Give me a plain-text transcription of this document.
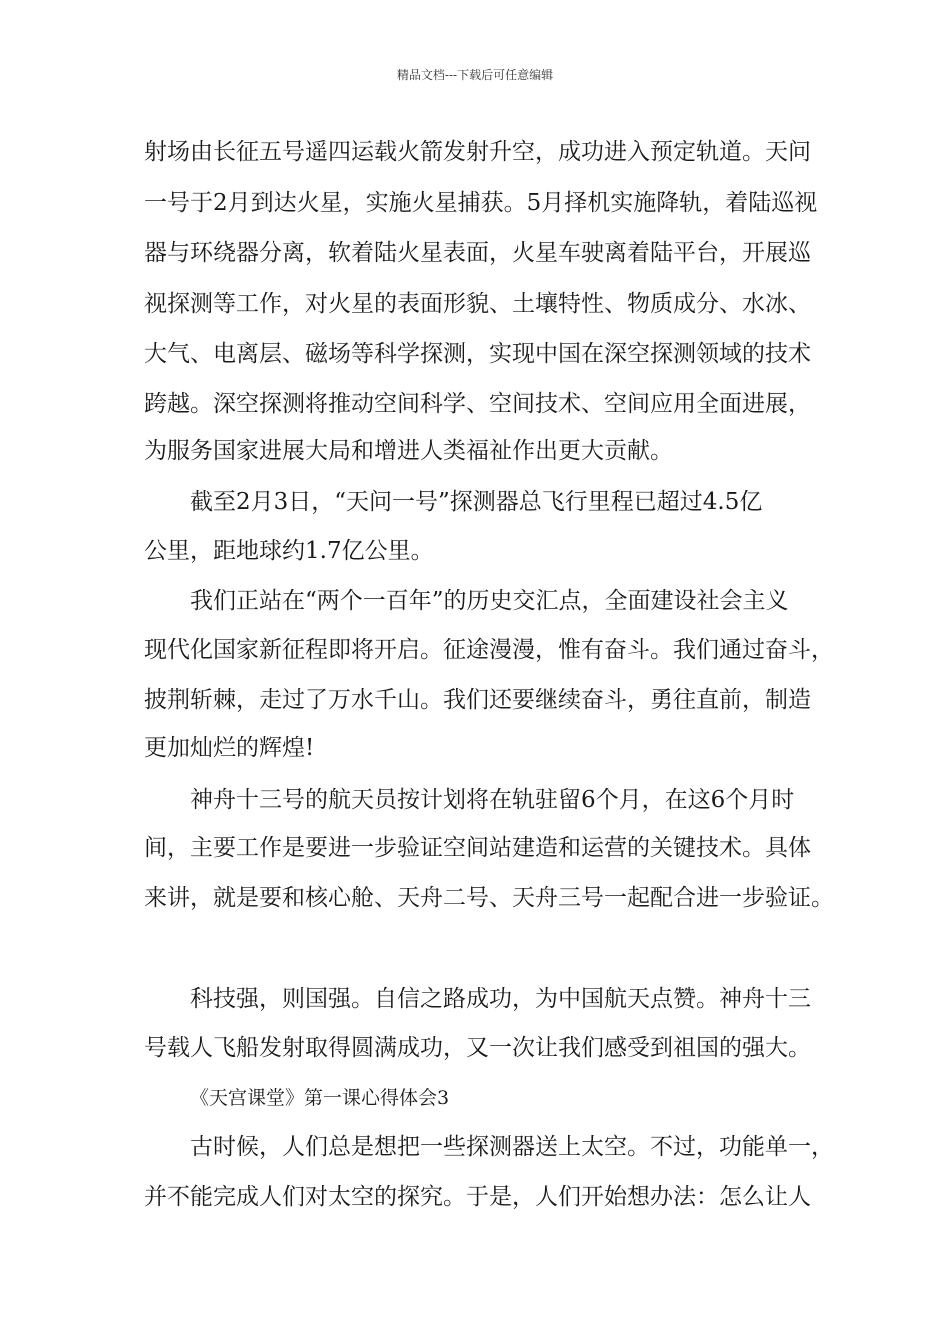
精品文档---下载后可任意编辑
射场由长征五号遥四运载火箭发射升空，成功进入预定轨道。天问
一号于2月到达火星，实施火星捕获。5月择机实施降轨，着陆巡视
器与环绕器分离，软着陆火星表面，火星车驶离着陆平台，开展巡
视探测等工作，对火星的表面形貌、土壤特性、物质成分、水冰、
大气、电离层、磁场等科学探测，实现中国在深空探测领域的技术
跨越。深空探测将推动空间科学、空间技术、空间应用全面进展，
为服务国家进展大局和增进人类福祉作出更大贡献。
截至2月3日，“天问一号”探测器总飞行里程已超过4.5亿
公里，距地球约1.7亿公里。
我们正站在“两个一百年”的历史交汇点，全面建设社会主义
现代化国家新征程即将开启。征途漫漫，惟有奋斗。我们通过奋斗，
披荆斩棘，走过了万水千山。我们还要继续奋斗，勇往直前，制造
更加灿烂的辉煌!
神舟十三号的航天员按计划将在轨驻留6个月，在这6个月时
间，主要工作是要进一步验证空间站建造和运营的关键技术。具体
来讲，就是要和核心舱、天舟二号、天舟三号一起配合进一步验证。
科技强，则国强。自信之路成功，为中国航天点赞。神舟十三
号载人飞船发射取得圆满成功，又一次让我们感受到祖国的强大。
《天宫课堂》第一课心得体会3
古时候，人们总是想把一些探测器送上太空。不过，功能单一，
并不能完成人们对太空的探究。于是，人们开始想办法：怎么让人
